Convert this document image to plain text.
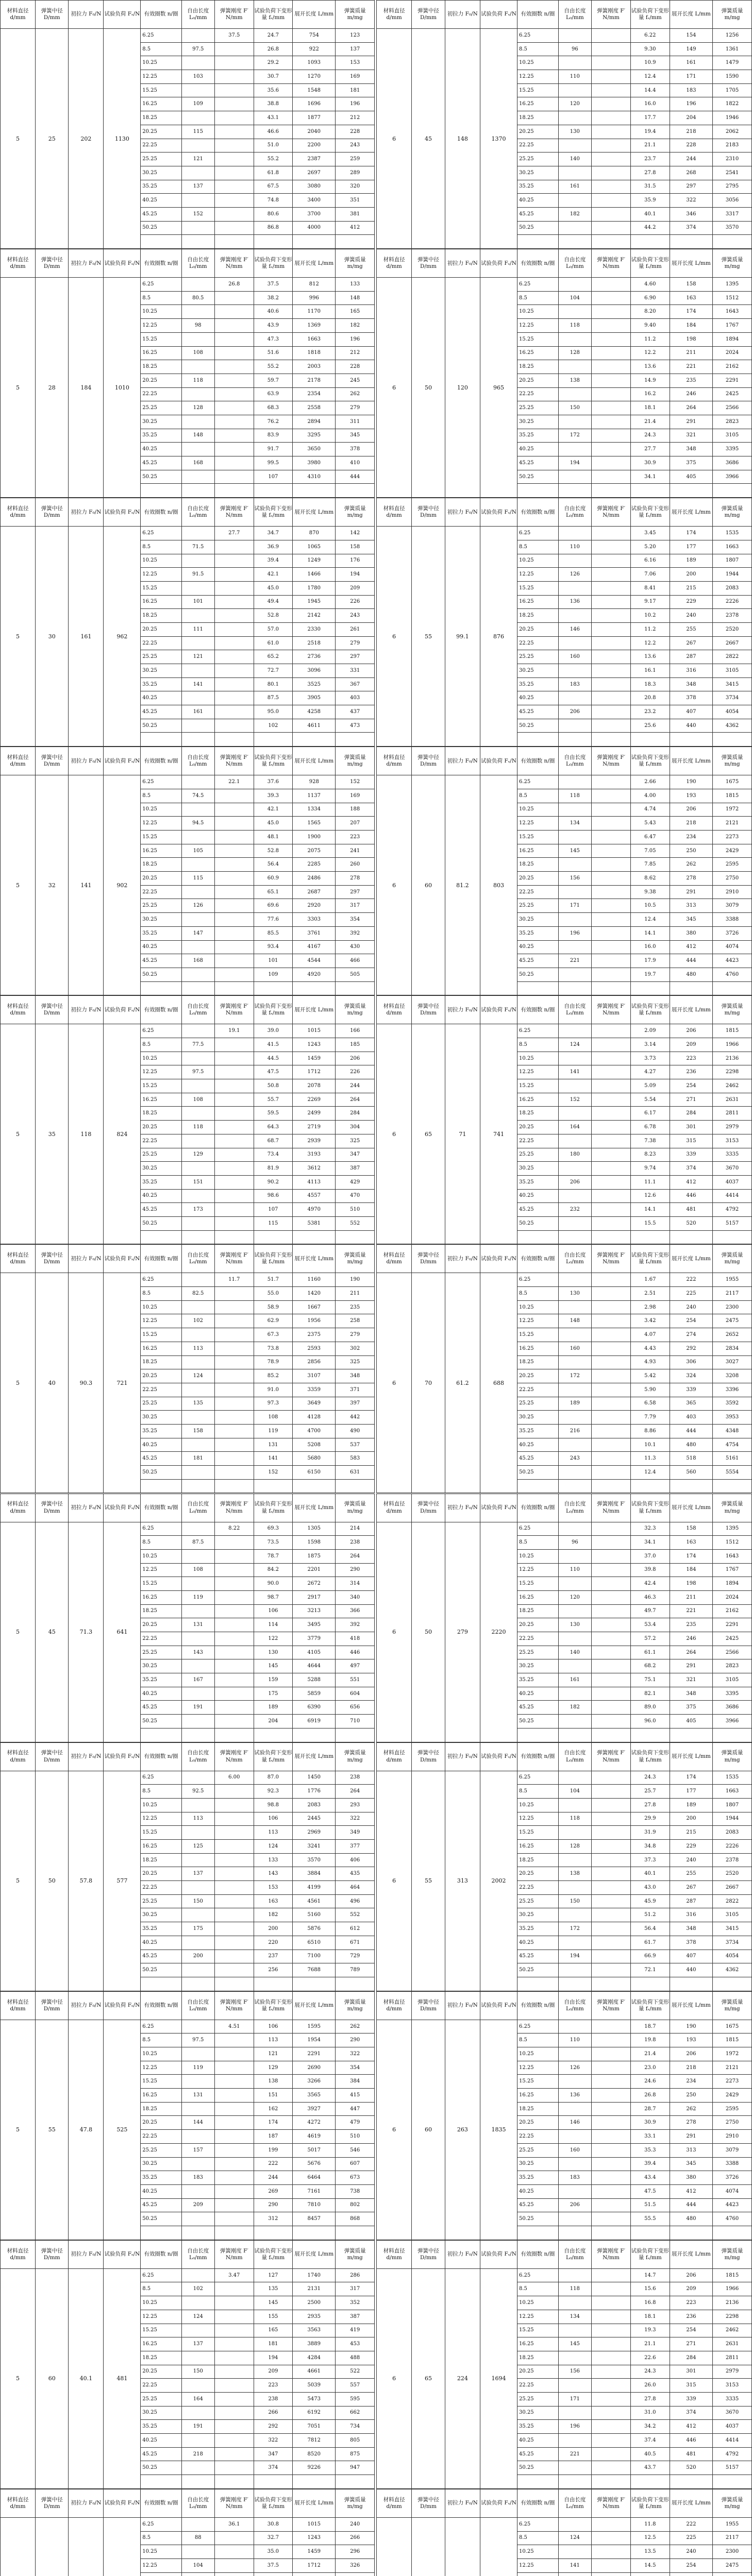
材料直径 d/mm	弹簧中径 D/mm	初拉力 F₀/N	试验负荷 Fₛ/N	有效圈数 n/圈	自由长度 L₀/mm	弹簧刚度 F′ N/mm	试验负荷下变形量 fₛ/mm	展开长度 L/mm	弹簧质量 m/mg
5	25	202	1130	6.25		37.5	24.7	754	123
				8.5	97.5		26.8	922	137
				10.25			29.2	1093	153
				12.25	103		30.7	1270	169
				15.25			35.6	1548	181
				16.25	109		38.8	1696	196
				18.25			43.1	1877	212
				20.25	115		46.6	2040	228
				22.25			51.0	2200	243
				25.25	121		55.2	2387	259
				30.25			61.8	2697	289
				35.25	137		67.5	3080	320
				40.25			74.8	3400	351
				45.25	152		80.6	3700	381
				50.25			86.8	4000	412

材料直径 d/mm	弹簧中径 D/mm	初拉力 F₀/N	试验负荷 Fₛ/N	有效圈数 n/圈	自由长度 L₀/mm	弹簧刚度 F′ N/mm	试验负荷下变形量 fₛ/mm	展开长度 L/mm	弹簧质量 m/mg
6	45	148	1370	6.25			6.22	154	1256
				8.5	96		9.30	149	1361
				10.25			10.9	161	1479
				12.25	110		12.4	171	1590
				15.25			14.4	183	1705
				16.25	120		16.0	196	1822
				18.25			17.7	204	1946
				20.25	130		19.4	218	2062
				22.25			21.1	228	2183
				25.25	140		23.7	244	2310
				30.25			27.8	268	2541
				35.25	161		31.5	297	2795
				40.25			35.9	322	3056
				45.25	182		40.1	346	3317
				50.25			44.2	374	3570

材料直径 d/mm	弹簧中径 D/mm	初拉力 F₀/N	试验负荷 Fₛ/N	有效圈数 n/圈	自由长度 L₀/mm	弹簧刚度 F′ N/mm	试验负荷下变形量 fₛ/mm	展开长度 L/mm	弹簧质量 m/mg
5	28	184	1010	6.25		26.8	37.5	812	133
				8.5	80.5		38.2	996	148
				10.25			40.6	1170	165
				12.25	98		43.9	1369	182
				15.25			47.3	1663	196
				16.25	108		51.6	1818	212
				18.25			55.2	2003	228
				20.25	118		59.7	2178	245
				22.25			63.9	2354	262
				25.25	128		68.3	2558	279
				30.25			76.2	2894	311
				35.25	148		83.9	3295	345
				40.25			91.7	3650	378
				45.25	168		99.5	3980	410
				50.25			107	4310	444

材料直径 d/mm	弹簧中径 D/mm	初拉力 F₀/N	试验负荷 Fₛ/N	有效圈数 n/圈	自由长度 L₀/mm	弹簧刚度 F′ N/mm	试验负荷下变形量 fₛ/mm	展开长度 L/mm	弹簧质量 m/mg
6	50	120	965	6.25			4.60	158	1395
				8.5	104		6.90	163	1512
				10.25			8.20	174	1643
				12.25	118		9.40	184	1767
				15.25			11.2	198	1894
				16.25	128		12.2	211	2024
				18.25			13.6	221	2162
				20.25	138		14.9	235	2291
				22.25			16.2	246	2425
				25.25	150		18.1	264	2566
				30.25			21.4	291	2823
				35.25	172		24.3	321	3105
				40.25			27.7	348	3395
				45.25	194		30.9	375	3686
				50.25			34.1	405	3966

材料直径 d/mm	弹簧中径 D/mm	初拉力 F₀/N	试验负荷 Fₛ/N	有效圈数 n/圈	自由长度 L₀/mm	弹簧刚度 F′ N/mm	试验负荷下变形量 fₛ/mm	展开长度 L/mm	弹簧质量 m/mg
5	30	161	962	6.25		27.7	34.7	870	142
				8.5	71.5		36.9	1065	158
				10.25			39.4	1249	176
				12.25	91.5		42.1	1466	194
				15.25			45.0	1780	209
				16.25	101		49.4	1945	226
				18.25			52.8	2142	243
				20.25	111		57.0	2330	261
				22.25			61.0	2518	279
				25.25	121		65.2	2736	297
				30.25			72.7	3096	331
				35.25	141		80.1	3525	367
				40.25			87.5	3905	403
				45.25	161		95.0	4258	437
				50.25			102	4611	473

材料直径 d/mm	弹簧中径 D/mm	初拉力 F₀/N	试验负荷 Fₛ/N	有效圈数 n/圈	自由长度 L₀/mm	弹簧刚度 F′ N/mm	试验负荷下变形量 fₛ/mm	展开长度 L/mm	弹簧质量 m/mg
6	55	99.1	876	6.25			3.45	174	1535
				8.5	110		5.20	177	1663
				10.25			6.16	189	1807
				12.25	126		7.06	200	1944
				15.25			8.41	215	2083
				16.25	136		9.17	229	2226
				18.25			10.2	240	2378
				20.25	146		11.2	255	2520
				22.25			12.2	267	2667
				25.25	160		13.6	287	2822
				30.25			16.1	316	3105
				35.25	183		18.3	348	3415
				40.25			20.8	378	3734
				45.25	206		23.2	407	4054
				50.25			25.6	440	4362

材料直径 d/mm	弹簧中径 D/mm	初拉力 F₀/N	试验负荷 Fₛ/N	有效圈数 n/圈	自由长度 L₀/mm	弹簧刚度 F′ N/mm	试验负荷下变形量 fₛ/mm	展开长度 L/mm	弹簧质量 m/mg
5	32	141	902	6.25		22.1	37.6	928	152
				8.5	74.5		39.3	1137	169
				10.25			42.1	1334	188
				12.25	94.5		45.0	1565	207
				15.25			48.1	1900	223
				16.25	105		52.8	2075	241
				18.25			56.4	2285	260
				20.25	115		60.9	2486	278
				22.25			65.1	2687	297
				25.25	126		69.6	2920	317
				30.25			77.6	3303	354
				35.25	147		85.5	3761	392
				40.25			93.4	4167	430
				45.25	168		101	4544	466
				50.25			109	4920	505

材料直径 d/mm	弹簧中径 D/mm	初拉力 F₀/N	试验负荷 Fₛ/N	有效圈数 n/圈	自由长度 L₀/mm	弹簧刚度 F′ N/mm	试验负荷下变形量 fₛ/mm	展开长度 L/mm	弹簧质量 m/mg
6	60	81.2	803	6.25			2.66	190	1675
				8.5	118		4.00	193	1815
				10.25			4.74	206	1972
				12.25	134		5.43	218	2121
				15.25			6.47	234	2273
				16.25	145		7.05	250	2429
				18.25			7.85	262	2595
				20.25	156		8.62	278	2750
				22.25			9.38	291	2910
				25.25	171		10.5	313	3079
				30.25			12.4	345	3388
				35.25	196		14.1	380	3726
				40.25			16.0	412	4074
				45.25	221		17.9	444	4423
				50.25			19.7	480	4760

材料直径 d/mm	弹簧中径 D/mm	初拉力 F₀/N	试验负荷 Fₛ/N	有效圈数 n/圈	自由长度 L₀/mm	弹簧刚度 F′ N/mm	试验负荷下变形量 fₛ/mm	展开长度 L/mm	弹簧质量 m/mg
5	35	118	824	6.25		19.1	39.0	1015	166
				8.5	77.5		41.5	1243	185
				10.25			44.5	1459	206
				12.25	97.5		47.5	1712	226
				15.25			50.8	2078	244
				16.25	108		55.7	2269	264
				18.25			59.5	2499	284
				20.25	118		64.3	2719	304
				22.25			68.7	2939	325
				25.25	129		73.4	3193	347
				30.25			81.9	3612	387
				35.25	151		90.2	4113	429
				40.25			98.6	4557	470
				45.25	173		107	4970	510
				50.25			115	5381	552

材料直径 d/mm	弹簧中径 D/mm	初拉力 F₀/N	试验负荷 Fₛ/N	有效圈数 n/圈	自由长度 L₀/mm	弹簧刚度 F′ N/mm	试验负荷下变形量 fₛ/mm	展开长度 L/mm	弹簧质量 m/mg
6	65	71	741	6.25			2.09	206	1815
				8.5	124		3.14	209	1966
				10.25			3.73	223	2136
				12.25	141		4.27	236	2298
				15.25			5.09	254	2462
				16.25	152		5.54	271	2631
				18.25			6.17	284	2811
				20.25	164		6.78	301	2979
				22.25			7.38	315	3153
				25.25	180		8.23	339	3335
				30.25			9.74	374	3670
				35.25	206		11.1	412	4037
				40.25			12.6	446	4414
				45.25	232		14.1	481	4792
				50.25			15.5	520	5157

材料直径 d/mm	弹簧中径 D/mm	初拉力 F₀/N	试验负荷 Fₛ/N	有效圈数 n/圈	自由长度 L₀/mm	弹簧刚度 F′ N/mm	试验负荷下变形量 fₛ/mm	展开长度 L/mm	弹簧质量 m/mg
5	40	90.3	721	6.25		11.7	51.7	1160	190
				8.5	82.5		55.0	1420	211
				10.25			58.9	1667	235
				12.25	102		62.9	1956	258
				15.25			67.3	2375	279
				16.25	113		73.8	2593	302
				18.25			78.9	2856	325
				20.25	124		85.2	3107	348
				22.25			91.0	3359	371
				25.25	135		97.3	3649	397
				30.25			108	4128	442
				35.25	158		119	4700	490
				40.25			131	5208	537
				45.25	181		141	5680	583
				50.25			152	6150	631

材料直径 d/mm	弹簧中径 D/mm	初拉力 F₀/N	试验负荷 Fₛ/N	有效圈数 n/圈	自由长度 L₀/mm	弹簧刚度 F′ N/mm	试验负荷下变形量 fₛ/mm	展开长度 L/mm	弹簧质量 m/mg
6	70	61.2	688	6.25			1.67	222	1955
				8.5	130		2.51	225	2117
				10.25			2.98	240	2300
				12.25	148		3.42	254	2475
				15.25			4.07	274	2652
				16.25	160		4.43	292	2834
				18.25			4.93	306	3027
				20.25	172		5.42	324	3208
				22.25			5.90	339	3396
				25.25	189		6.58	365	3592
				30.25			7.79	403	3953
				35.25	216		8.86	444	4348
				40.25			10.1	480	4754
				45.25	243		11.3	518	5161
				50.25			12.4	560	5554

材料直径 d/mm	弹簧中径 D/mm	初拉力 F₀/N	试验负荷 Fₛ/N	有效圈数 n/圈	自由长度 L₀/mm	弹簧刚度 F′ N/mm	试验负荷下变形量 fₛ/mm	展开长度 L/mm	弹簧质量 m/mg
5	45	71.3	641	6.25		8.22	69.3	1305	214
				8.5	87.5		73.5	1598	238
				10.25			78.7	1875	264
				12.25	108		84.2	2201	290
				15.25			90.0	2672	314
				16.25	119		98.7	2917	340
				18.25			106	3213	366
				20.25	131		114	3495	392
				22.25			122	3779	418
				25.25	143		130	4105	446
				30.25			145	4644	497
				35.25	167		159	5288	551
				40.25			175	5859	604
				45.25	191		189	6390	656
				50.25			204	6919	710

材料直径 d/mm	弹簧中径 D/mm	初拉力 F₀/N	试验负荷 Fₛ/N	有效圈数 n/圈	自由长度 L₀/mm	弹簧刚度 F′ N/mm	试验负荷下变形量 fₛ/mm	展开长度 L/mm	弹簧质量 m/mg
6	50	279	2220	6.25			32.3	158	1395
				8.5	96		34.1	163	1512
				10.25			37.0	174	1643
				12.25	110		39.8	184	1767
				15.25			42.4	198	1894
				16.25	120		46.3	211	2024
				18.25			49.7	221	2162
				20.25	130		53.4	235	2291
				22.25			57.2	246	2425
				25.25	140		61.1	264	2566
				30.25			68.2	291	2823
				35.25	161		75.1	321	3105
				40.25			82.1	348	3395
				45.25	182		89.0	375	3686
				50.25			96.0	405	3966

材料直径 d/mm	弹簧中径 D/mm	初拉力 F₀/N	试验负荷 Fₛ/N	有效圈数 n/圈	自由长度 L₀/mm	弹簧刚度 F′ N/mm	试验负荷下变形量 fₛ/mm	展开长度 L/mm	弹簧质量 m/mg
5	50	57.8	577	6.25		6.00	87.0	1450	238
				8.5	92.5		92.3	1776	264
				10.25			98.8	2083	293
				12.25	113		106	2445	322
				15.25			113	2969	349
				16.25	125		124	3241	377
				18.25			133	3570	406
				20.25	137		143	3884	435
				22.25			153	4199	464
				25.25	150		163	4561	496
				30.25			182	5160	552
				35.25	175		200	5876	612
				40.25			220	6510	671
				45.25	200		237	7100	729
				50.25			256	7688	789

材料直径 d/mm	弹簧中径 D/mm	初拉力 F₀/N	试验负荷 Fₛ/N	有效圈数 n/圈	自由长度 L₀/mm	弹簧刚度 F′ N/mm	试验负荷下变形量 fₛ/mm	展开长度 L/mm	弹簧质量 m/mg
6	55	313	2002	6.25			24.3	174	1535
				8.5	104		25.7	177	1663
				10.25			27.8	189	1807
				12.25	118		29.9	200	1944
				15.25			31.9	215	2083
				16.25	128		34.8	229	2226
				18.25			37.3	240	2378
				20.25	138		40.1	255	2520
				22.25			43.0	267	2667
				25.25	150		45.9	287	2822
				30.25			51.2	316	3105
				35.25	172		56.4	348	3415
				40.25			61.7	378	3734
				45.25	194		66.9	407	4054
				50.25			72.1	440	4362

材料直径 d/mm	弹簧中径 D/mm	初拉力 F₀/N	试验负荷 Fₛ/N	有效圈数 n/圈	自由长度 L₀/mm	弹簧刚度 F′ N/mm	试验负荷下变形量 fₛ/mm	展开长度 L/mm	弹簧质量 m/mg
5	55	47.8	525	6.25		4.51	106	1595	262
				8.5	97.5		113	1954	290
				10.25			121	2291	322
				12.25	119		129	2690	354
				15.25			138	3266	384
				16.25	131		151	3565	415
				18.25			162	3927	447
				20.25	144		174	4272	479
				22.25			187	4619	510
				25.25	157		199	5017	546
				30.25			222	5676	607
				35.25	183		244	6464	673
				40.25			269	7161	738
				45.25	209		290	7810	802
				50.25			312	8457	868

材料直径 d/mm	弹簧中径 D/mm	初拉力 F₀/N	试验负荷 Fₛ/N	有效圈数 n/圈	自由长度 L₀/mm	弹簧刚度 F′ N/mm	试验负荷下变形量 fₛ/mm	展开长度 L/mm	弹簧质量 m/mg
6	60	263	1835	6.25			18.7	190	1675
				8.5	110		19.8	193	1815
				10.25			21.4	206	1972
				12.25	126		23.0	218	2121
				15.25			24.6	234	2273
				16.25	136		26.8	250	2429
				18.25			28.7	262	2595
				20.25	146		30.9	278	2750
				22.25			33.1	291	2910
				25.25	160		35.3	313	3079
				30.25			39.4	345	3388
				35.25	183		43.4	380	3726
				40.25			47.5	412	4074
				45.25	206		51.5	444	4423
				50.25			55.5	480	4760

材料直径 d/mm	弹簧中径 D/mm	初拉力 F₀/N	试验负荷 Fₛ/N	有效圈数 n/圈	自由长度 L₀/mm	弹簧刚度 F′ N/mm	试验负荷下变形量 fₛ/mm	展开长度 L/mm	弹簧质量 m/mg
5	60	40.1	481	6.25		3.47	127	1740	286
				8.5	102		135	2131	317
				10.25			145	2500	352
				12.25	124		155	2935	387
				15.25			165	3563	419
				16.25	137		181	3889	453
				18.25			194	4284	488
				20.25	150		209	4661	522
				22.25			223	5039	557
				25.25	164		238	5473	595
				30.25			266	6192	662
				35.25	191		292	7051	734
				40.25			322	7812	805
				45.25	218		347	8520	875
				50.25			374	9226	947

材料直径 d/mm	弹簧中径 D/mm	初拉力 F₀/N	试验负荷 Fₛ/N	有效圈数 n/圈	自由长度 L₀/mm	弹簧刚度 F′ N/mm	试验负荷下变形量 fₛ/mm	展开长度 L/mm	弹簧质量 m/mg
6	65	224	1694	6.25			14.7	206	1815
				8.5	118		15.6	209	1966
				10.25			16.8	223	2136
				12.25	134		18.1	236	2298
				15.25			19.3	254	2462
				16.25	145		21.1	271	2631
				18.25			22.6	284	2811
				20.25	156		24.3	301	2979
				22.25			26.0	315	3153
				25.25	171		27.8	339	3335
				30.25			31.0	374	3670
				35.25	196		34.2	412	4037
				40.25			37.4	446	4414
				45.25	221		40.5	481	4792
				50.25			43.7	520	5157

材料直径 d/mm	弹簧中径 D/mm	初拉力 F₀/N	试验负荷 Fₛ/N	有效圈数 n/圈	自由长度 L₀/mm	弹簧刚度 F′ N/mm	试验负荷下变形量 fₛ/mm	展开长度 L/mm	弹簧质量 m/mg
				6.25		36.1	30.8	1015	240
				8.5	88		32.7	1243	266
				10.25			35.0	1459	296
				12.25	104		37.5	1712	326

材料直径 d/mm	弹簧中径 D/mm	初拉力 F₀/N	试验负荷 Fₛ/N	有效圈数 n/圈	自由长度 L₀/mm	弹簧刚度 F′ N/mm	试验负荷下变形量 fₛ/mm	展开长度 L/mm	弹簧质量 m/mg
				6.25			11.8	222	1955
				8.5	124		12.5	225	2117
				10.25			13.5	240	2300
				12.25	141		14.5	254	2475
